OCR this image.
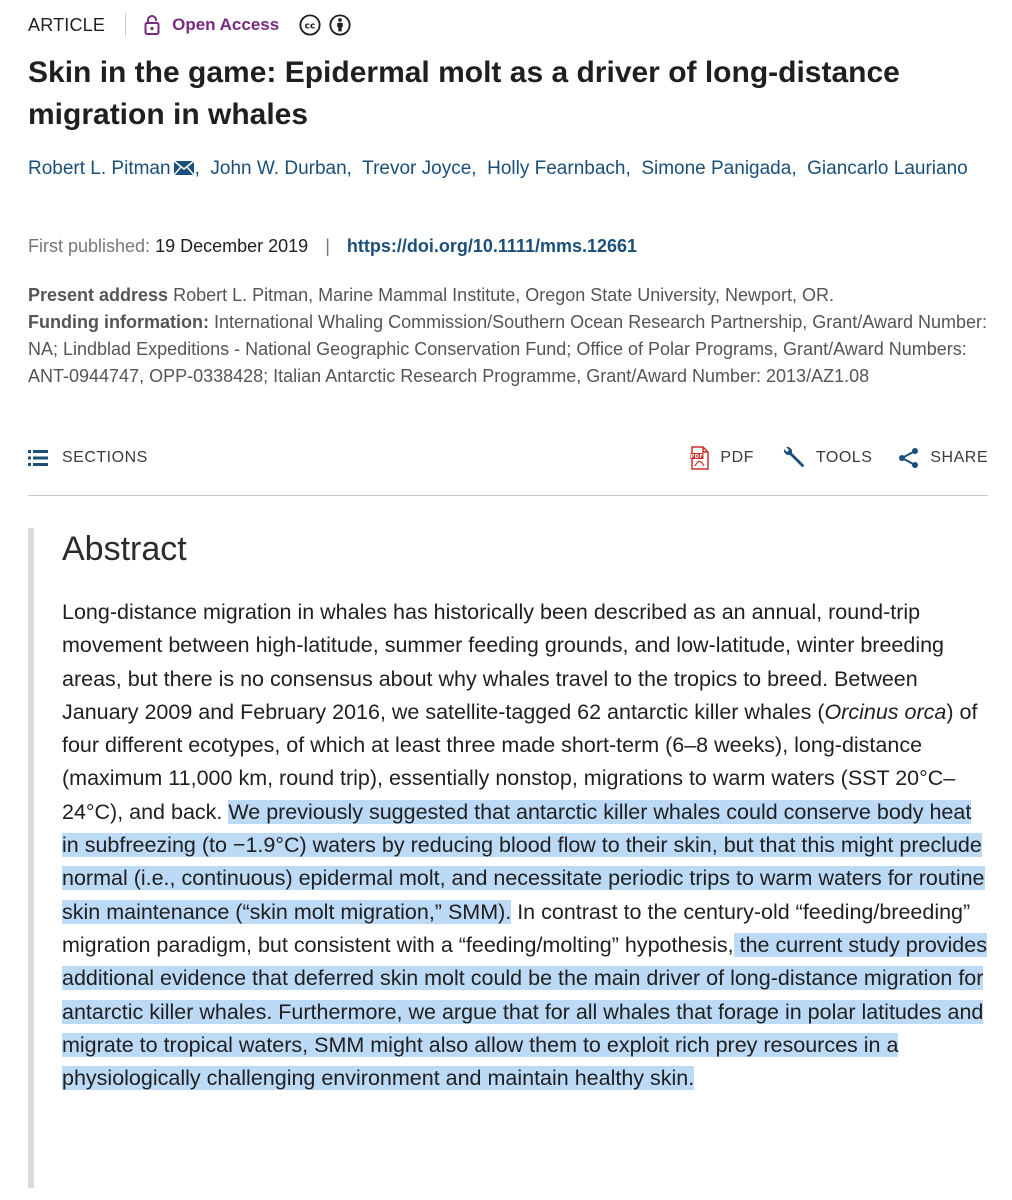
ARTICLE	Open Access	cc
Skin in the game: Epidermal molt as a driver of long-distance migration in whales
Robert L. Pitman ,  John W. Durban,  Trevor Joyce,  Holly Fearnbach,  Simone Panigada,  Giancarlo Lauriano
First published: 19 December 2019 | https://doi.org/10.1111/mms.12661
Present address Robert L. Pitman, Marine Mammal Institute, Oregon State University, Newport, OR.
Funding information: International Whaling Commission/Southern Ocean Research Partnership, Grant/Award Number: NA; Lindblad Expeditions - National Geographic Conservation Fund; Office of Polar Programs, Grant/Award Numbers: ANT-0944747, OPP-0338428; Italian Antarctic Research Programme, Grant/Award Number: 2013/AZ1.08
SECTIONS	PDF PDF	TOOLS	SHARE
Abstract

Long-distance migration in whales has historically been described as an annual, round-trip movement between high-latitude, summer feeding grounds, and low-latitude, winter breeding areas, but there is no consensus about why whales travel to the tropics to breed. Between January 2009 and February 2016, we satellite-tagged 62 antarctic killer whales (Orcinus orca) of four different ecotypes, of which at least three made short-term (6–8 weeks), long-distance (maximum 11,000 km, round trip), essentially nonstop, migrations to warm waters (SST 20°C–24°C), and back. We previously suggested that antarctic killer whales could conserve body heat in subfreezing (to −1.9°C) waters by reducing blood flow to their skin, but that this might preclude normal (i.e., continuous) epidermal molt, and necessitate periodic trips to warm waters for routine skin maintenance (“skin molt migration,” SMM). In contrast to the century-old “feeding/breeding” migration paradigm, but consistent with a “feeding/molting” hypothesis, the current study provides additional evidence that deferred skin molt could be the main driver of long-distance migration for antarctic killer whales. Furthermore, we argue that for all whales that forage in polar latitudes and migrate to tropical waters, SMM might also allow them to exploit rich prey resources in a physiologically challenging environment and maintain healthy skin.
